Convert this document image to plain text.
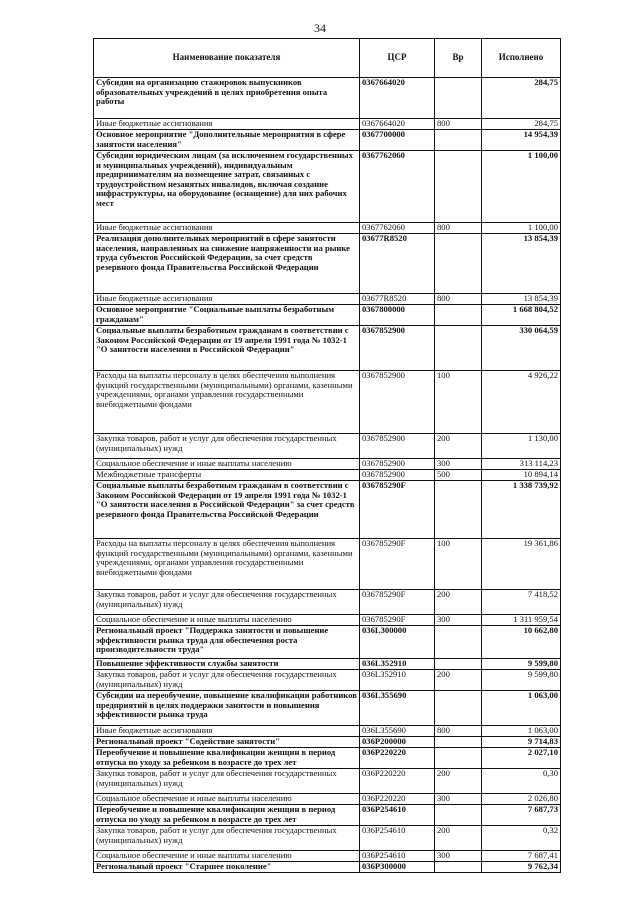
34
Наименование показателя	ЦСР	Вр	Исполнено
Субсидии на организацию стажировок выпускников образовательных учреждений в целях приобретения опыта работы	0367664020		284,75
Иные бюджетные ассигнования	0367664020	800	284,75
Основное мероприятие "Дополнительные мероприятия в сфере занятости населения"	0367700000		14 954,39
Субсидии юридическим лицам (за исключением государственных и муниципальных учреждений), индивидуальным предпринимателям на возмещение затрат, связанных с трудоустройством незанятых инвалидов, включая создание инфраструктуры, на оборудование (оснащение) для них рабочих мест	0367762060		1 100,00
Иные бюджетные ассигнования	0367762060	800	1 100,00
Реализация дополнительных мероприятий в сфере занятости населения, направленных на снижение напряженности на рынке труда субъектов Российской Федерации, за счет средств резервного фонда Правительства Российской Федерации	03677R8520		13 854,39
Иные бюджетные ассигнования	03677R8520	800	13 854,39
Основное мероприятие "Социальные выплаты безработным гражданам"	0367800000		1 668 804,52
Социальные выплаты безработным гражданам в соответствии с Законом Российской Федерации от 19 апреля 1991 года № 1032-1 "О занятости населения в Российской Федерации"	0367852900		330 064,59
Расходы на выплаты персоналу в целях обеспечения выполнения функций государственными (муниципальными) органами, казенными учреждениями, органами управления государственными внебюджетными фондами	0367852900	100	4 926,22
Закупка товаров, работ и услуг для обеспечения государственных (муниципальных) нужд	0367852900	200	1 130,00
Социальное обеспечение и иные выплаты населению	0367852900	300	313 114,23
Межбюджетные трансферты	0367852900	500	10 894,14
Социальные выплаты безработным гражданам в соответствии с Законом Российской Федерации от 19 апреля 1991 года № 1032-1 "О занятости населения в Российской Федерации" за счет средств резервного фонда Правительства Российской Федерации	036785290F		1 338 739,92
Расходы на выплаты персоналу в целях обеспечения выполнения функций государственными (муниципальными) органами, казенными учреждениями, органами управления государственными внебюджетными фондами	036785290F	100	19 361,86
Закупка товаров, работ и услуг для обеспечения государственных (муниципальных) нужд	036785290F	200	7 418,52
Социальное обеспечение и иные выплаты населению	036785290F	300	1 311 959,54
Региональный проект "Поддержка занятости и повышение эффективности рынка труда для обеспечения роста производительности труда"	036L300000		10 662,80
Повышение эффективности службы занятости	036L352910		9 599,80
Закупка товаров, работ и услуг для обеспечения государственных (муниципальных) нужд	036L352910	200	9 599,80
Субсидии на переобучение, повышение квалификации работников предприятий в целях поддержки занятости и повышения эффективности рынка труда	036L355690		1 063,00
Иные бюджетные ассигнования	036L355690	800	1 063,00
Региональный проект "Содействие занятости"	036P200000		9 714,83
Переобучение и повышение квалификации женщин в период отпуска по уходу за ребенком в возрасте до трех лет	036P220220		2 027,10
Закупка товаров, работ и услуг для обеспечения государственных (муниципальных) нужд	036P220220	200	0,30
Социальное обеспечение и иные выплаты населению	036P220220	300	2 026,80
Переобучение и повышение квалификации женщин в период отпуска по уходу за ребенком в возрасте до трех лет	036P254610		7 687,73
Закупка товаров, работ и услуг для обеспечения государственных (муниципальных) нужд	036P254610	200	0,32
Социальное обеспечение и иные выплаты населению	036P254610	300	7 687,41
Региональный проект "Старшее поколение"	036P300000		9 762,34
